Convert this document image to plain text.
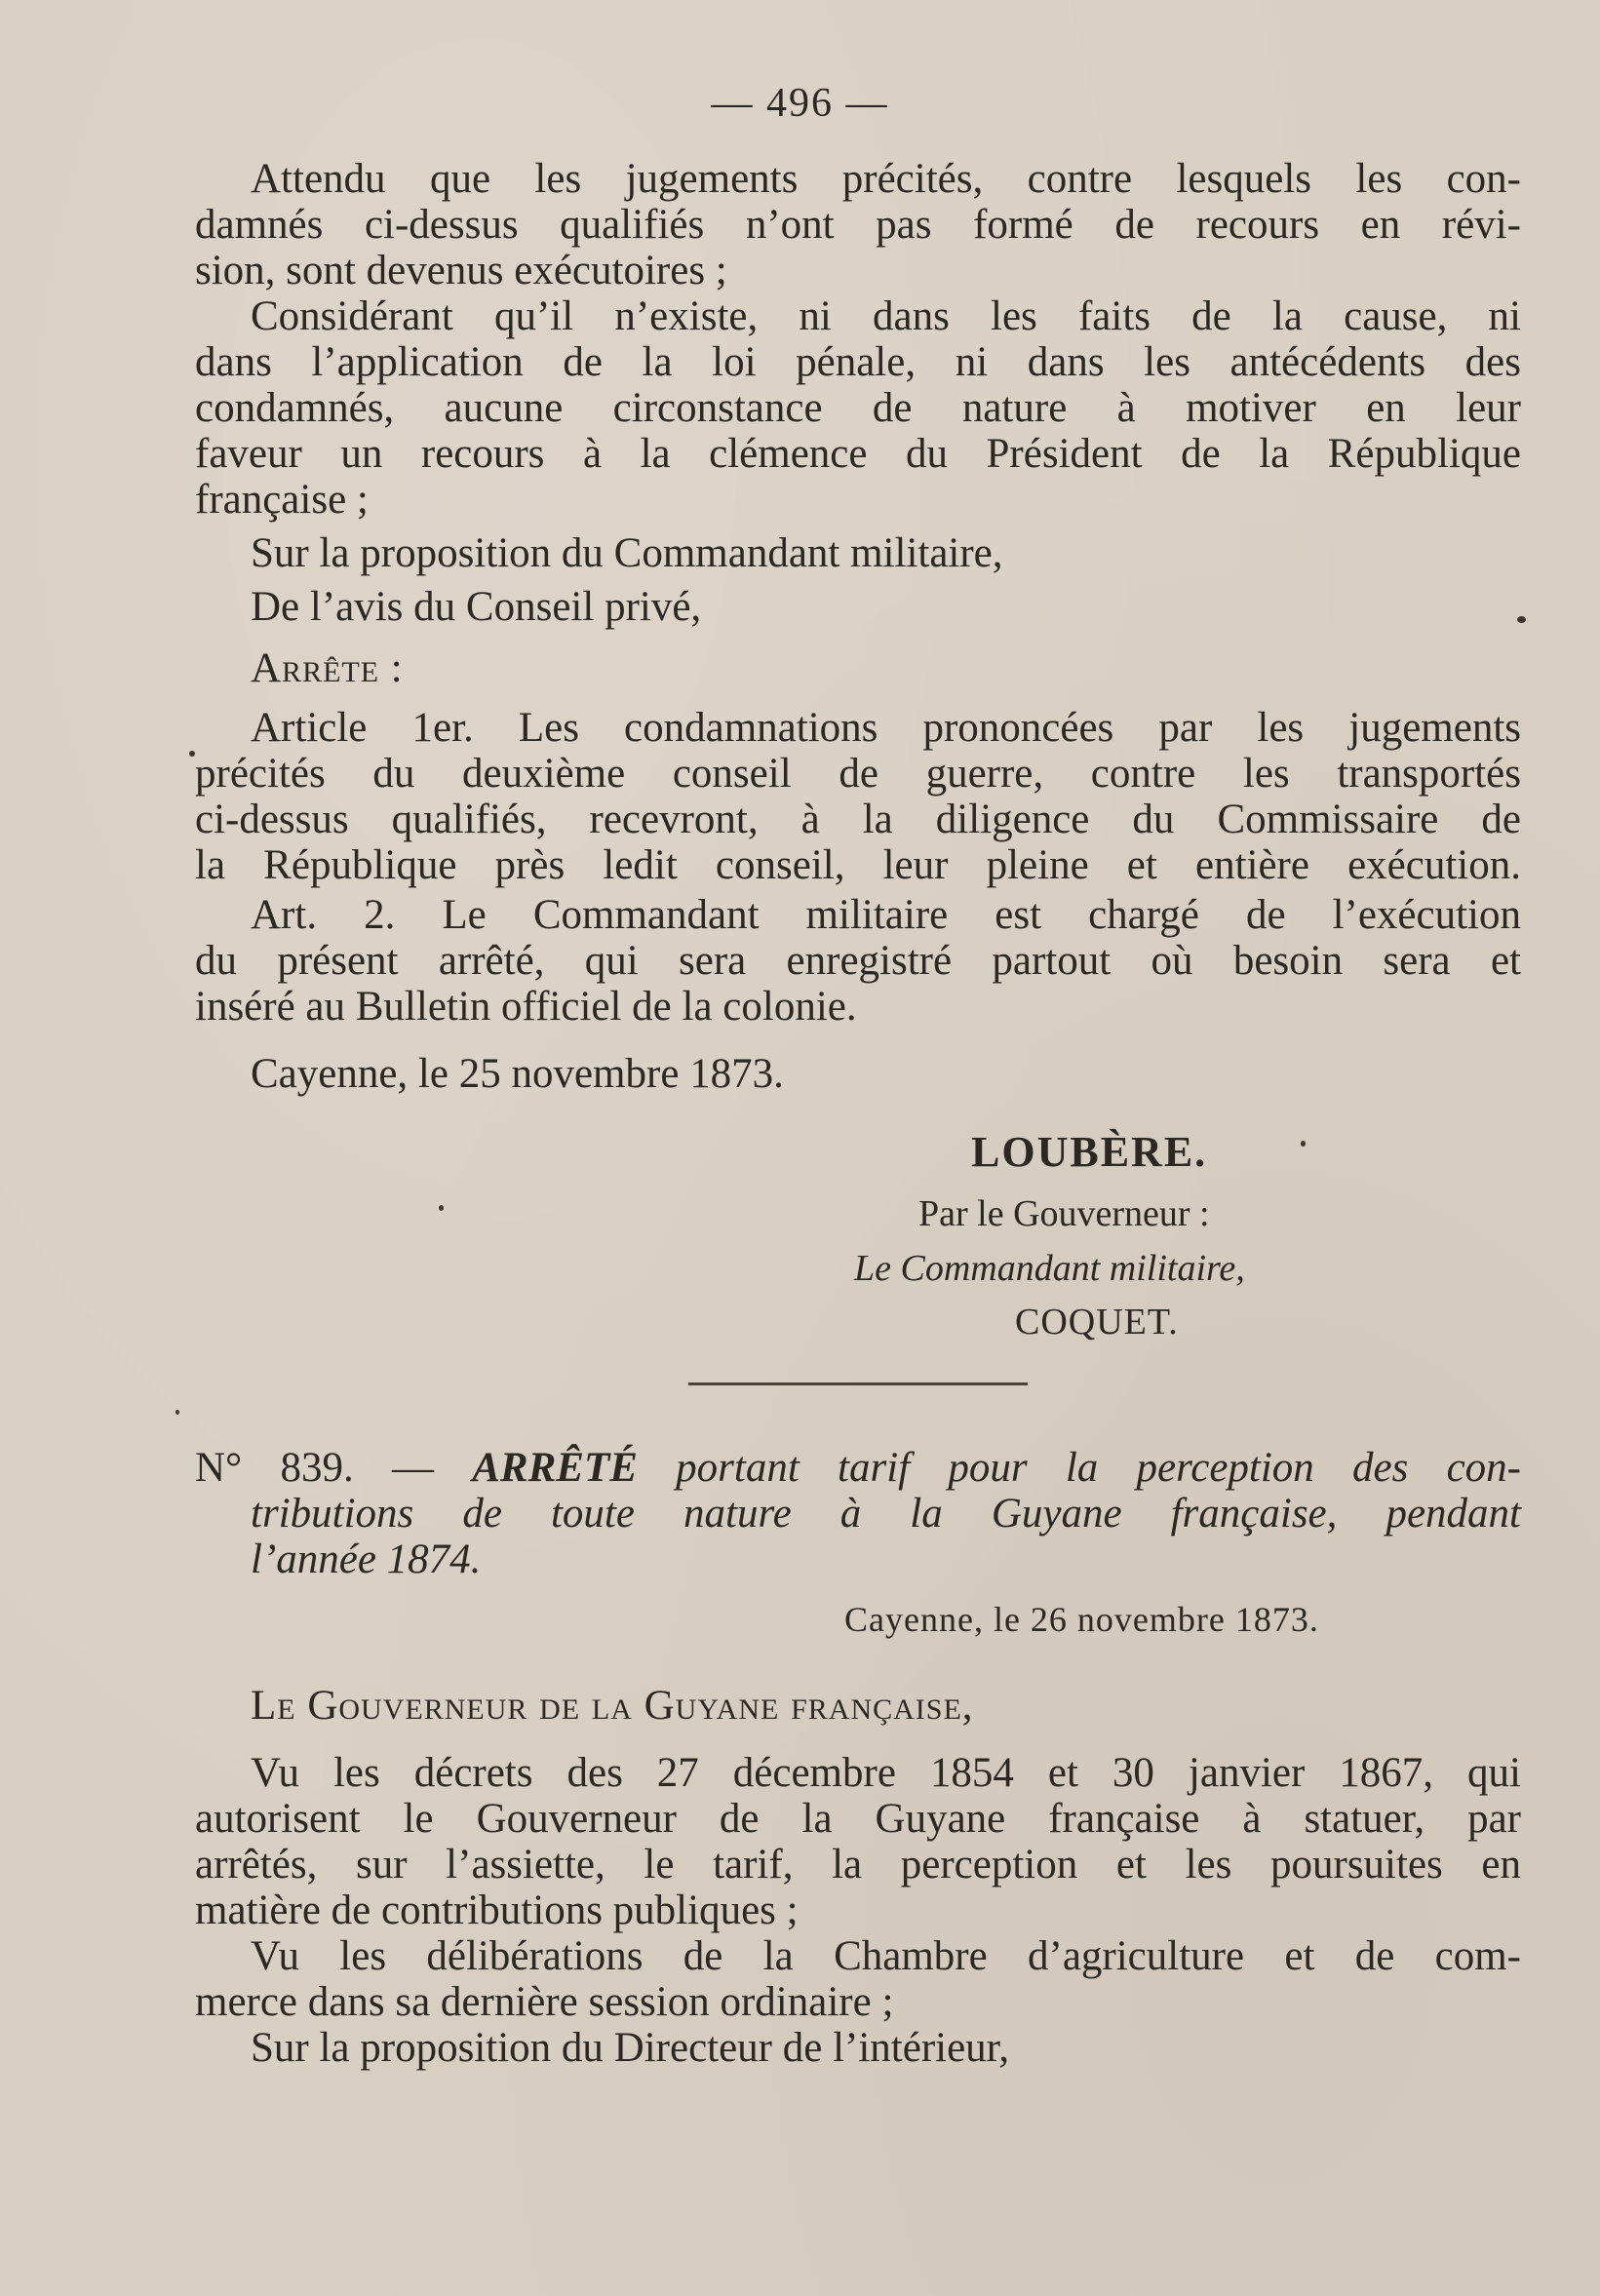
— 496 —
Attendu que les jugements précités, contre lesquels les con-
damnés ci-dessus qualifiés n’ont pas formé de recours en révi-
sion, sont devenus exécutoires ;
Considérant qu’il n’existe, ni dans les faits de la cause, ni
dans l’application de la loi pénale, ni dans les antécédents des
condamnés, aucune circonstance de nature à motiver en leur
faveur un recours à la clémence du Président de la République
française ;
Sur la proposition du Commandant militaire,
De l’avis du Conseil privé,
Arrête :
Article 1er. Les condamnations prononcées par les jugements
précités du deuxième conseil de guerre, contre les transportés
ci-dessus qualifiés, recevront, à la diligence du Commissaire de
la République près ledit conseil, leur pleine et entière exécution.
Art. 2. Le Commandant militaire est chargé de l’exécution
du présent arrêté, qui sera enregistré partout où besoin sera et
inséré au Bulletin officiel de la colonie.
Cayenne, le 25 novembre 1873.
LOUBÈRE.
Par le Gouverneur :
Le Commandant militaire,
COQUET.
N° 839. — ARRÊTÉ portant tarif pour la perception des con-
tributions de toute nature à la Guyane française, pendant
l’année 1874.
Cayenne, le 26 novembre 1873.
Le Gouverneur de la Guyane française,
Vu les décrets des 27 décembre 1854 et 30 janvier 1867, qui
autorisent le Gouverneur de la Guyane française à statuer, par
arrêtés, sur l’assiette, le tarif, la perception et les poursuites en
matière de contributions publiques ;
Vu les délibérations de la Chambre d’agriculture et de com-
merce dans sa dernière session ordinaire ;
Sur la proposition du Directeur de l’intérieur,
